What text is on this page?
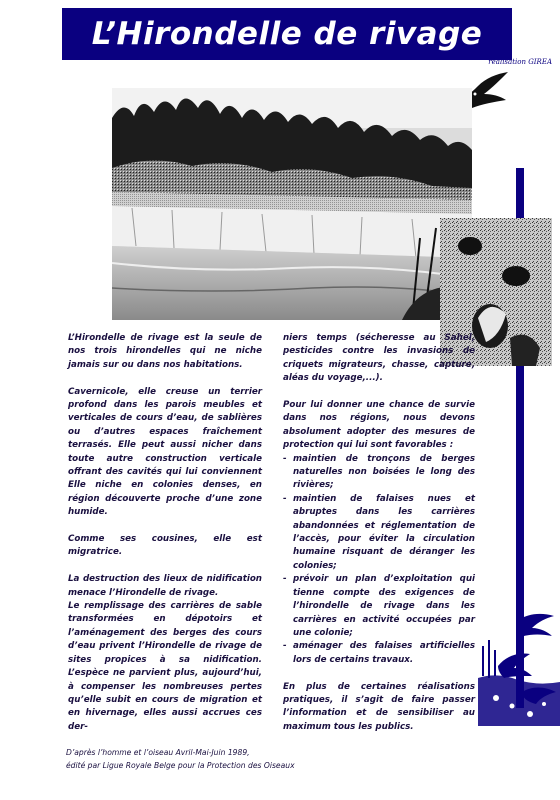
L’Hirondelle de rivage
réalisation GIREA

L’Hirondelle de rivage est la seule de nos trois hirondelles qui ne niche jamais sur ou dans nos habitations.

Cavernicole, elle creuse un terrier profond dans les parois meubles et verticales de cours d’eau, de sablières ou d’autres espaces fraîchement terrasés. Elle peut aussi nicher dans toute autre construction verticale offrant des cavités qui lui conviennent Elle niche en colonies denses, en région découverte proche d’une zone humide.

Comme ses cousines, elle est migratrice.

La destruction des lieux de nidification menace l’Hirondelle de rivage.

Le remplissage des carrières de sable transformées en dépotoirs et l’aménagement des berges des cours d’eau privent l’Hirondelle de rivage de sites propices à sa nidification. L’espèce ne parvient plus, aujourd’hui, à compenser les nombreuses pertes qu’elle subit en cours de migration et en hivernage, elles aussi accrues ces der-

niers temps (sécheresse au Sahel, pesticides contre les invasions de criquets migrateurs, chasse, capture, aléas du voyage,...).

Pour lui donner une chance de survie dans nos régions, nous devons absolument adopter des mesures de protection qui lui sont favorables :

- maintien de tronçons de berges naturelles non boisées le long des rivières;
- maintien de falaises nues et abruptes dans les carrières abandonnées et réglementation de l’accès, pour éviter la circulation humaine risquant de déranger les colonies;
- prévoir un plan d’exploitation qui tienne compte des exigences de l’hirondelle de rivage dans les carrières en activité occupées par une colonie;
- aménager des falaises artificielles lors de certains travaux.

En plus de certaines réalisations pratiques, il s’agit de faire passer l’information et de sensibiliser au maximum tous les publics.

D’après l’homme et l’oiseau Avril-Mai-Juin 1989,
édité par Ligue Royale Belge pour la Protection des Oiseaux
